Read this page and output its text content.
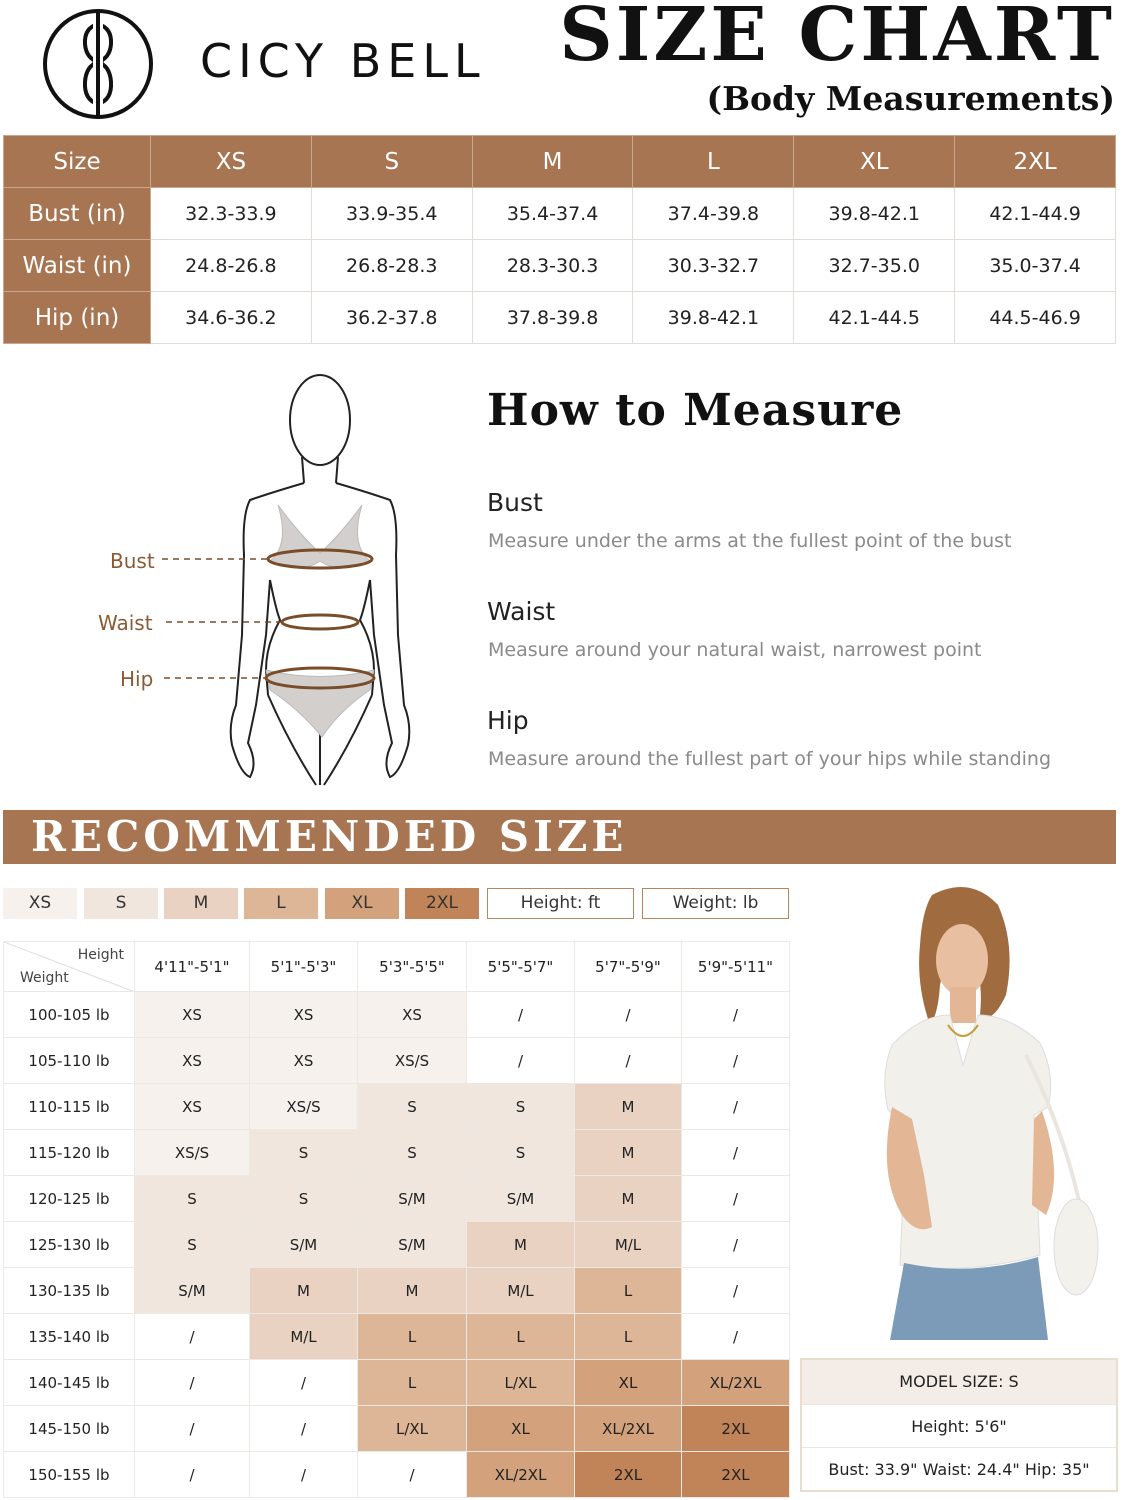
CICY BELL SIZE CHART
(Body Measurements)
Size	XS	S	M	L	XL	2XL
Bust (in)	32.3-33.9	33.9-35.4	35.4-37.4	37.4-39.8	39.8-42.1	42.1-44.9
Waist (in)	24.8-26.8	26.8-28.3	28.3-30.3	30.3-32.7	32.7-35.0	35.0-37.4
Hip (in)	34.6-36.2	36.2-37.8	37.8-39.8	39.8-42.1	42.1-44.5	44.5-46.9
Bust
Waist
Hip
How to Measure
Bust
Measure under the arms at the fullest point of the bust
Waist
Measure around your natural waist, narrowest point
Hip
Measure around the fullest part of your hips while standing
RECOMMENDED SIZE
XS	S	M	L	XL	2XL	Height: ft	Weight: lb
Height
Weight	4'11"-5'1"	5'1"-5'3"	5'3"-5'5"	5'5"-5'7"	5'7"-5'9"	5'9"-5'11"
100-105 lb	XS	XS	XS	/	/	/
105-110 lb	XS	XS	XS/S	/	/	/
110-115 lb	XS	XS/S	S	S	M	/
115-120 lb	XS/S	S	S	S	M	/
120-125 lb	S	S	S/M	S/M	M	/
125-130 lb	S	S/M	S/M	M	M/L	/
130-135 lb	S/M	M	M	M/L	L	/
135-140 lb	/	M/L	L	L	L	/
140-145 lb	/	/	L	L/XL	XL	XL/2XL
145-150 lb	/	/	L/XL	XL	XL/2XL	2XL
150-155 lb	/	/	/	XL/2XL	2XL	2XL
MODEL SIZE: S
Height: 5'6"
Bust: 33.9" Waist: 24.4" Hip: 35"
